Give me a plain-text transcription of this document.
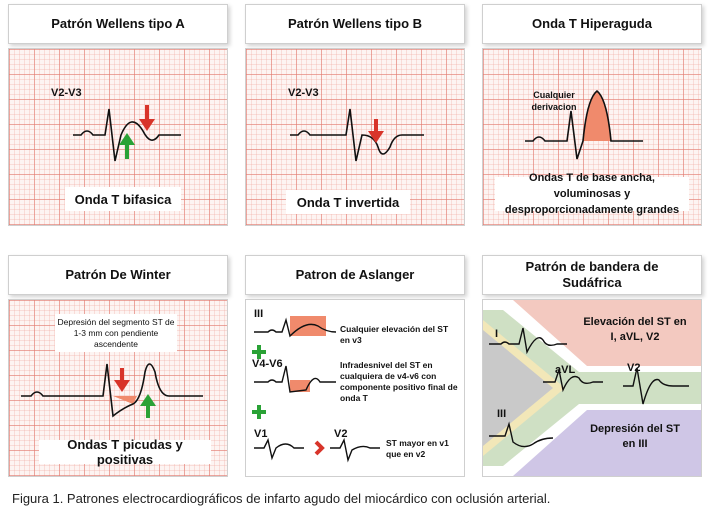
Patrón Wellens tipo A
V2-V3
Onda T bifasica
Patrón Wellens tipo B
V2-V3
Onda T invertida
Onda T Hiperaguda
Cualquier derivacion
Ondas T de base ancha, voluminosas y desproporcionadamente grandes
Patrón De Winter
Depresión del segmento ST de 1-3 mm con pendiente ascendente
Ondas T picudas y positivas
Patron de Aslanger
III
Cualquier elevación del ST en v3
V4-V6	Infradesnivel del ST en cualquiera de v4-v6 con componente positivo final de onda T
V1	V2
ST mayor en v1 que en v2
Patrón de bandera de Sudáfrica
I
aVL	V2
III
Elevación del ST en I, aVL, V2
Depresión del ST en III
Figura 1. Patrones electrocardiográficos de infarto agudo del miocárdico con oclusión arterial.
